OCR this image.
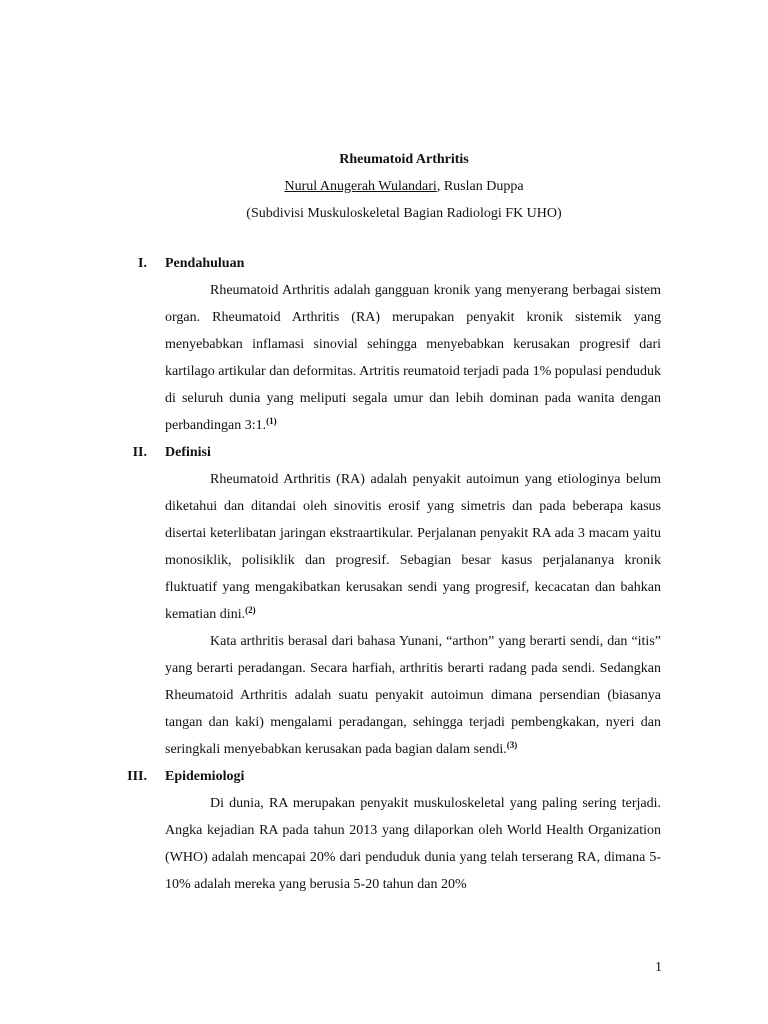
Rheumatoid Arthritis
Nurul Anugerah Wulandari, Ruslan Duppa
(Subdivisi Muskuloskeletal Bagian Radiologi FK UHO)
I. Pendahuluan

Rheumatoid Arthritis adalah gangguan kronik yang menyerang berbagai sistem organ. Rheumatoid Arthritis (RA) merupakan penyakit kronik sistemik yang menyebabkan inflamasi sinovial sehingga menyebabkan kerusakan progresif dari kartilago artikular dan deformitas. Artritis reumatoid terjadi pada 1% populasi penduduk di seluruh dunia yang meliputi segala umur dan lebih dominan pada wanita dengan perbandingan 3:1.$^{(1)}$

II. Definisi

Rheumatoid Arthritis (RA) adalah penyakit autoimun yang etiologinya belum diketahui dan ditandai oleh sinovitis erosif yang simetris dan pada beberapa kasus disertai keterlibatan jaringan ekstraartikular. Perjalanan penyakit RA ada 3 macam yaitu monosiklik, polisiklik dan progresif. Sebagian besar kasus perjalananya kronik fluktuatif yang mengakibatkan kerusakan sendi yang progresif, kecacatan dan bahkan kematian dini.$^{(2)}$

Kata arthritis berasal dari bahasa Yunani, “arthon” yang berarti sendi, dan “itis” yang berarti peradangan. Secara harfiah, arthritis berarti radang pada sendi. Sedangkan Rheumatoid Arthritis adalah suatu penyakit autoimun dimana persendian (biasanya tangan dan kaki) mengalami peradangan, sehingga terjadi pembengkakan, nyeri dan seringkali menyebabkan kerusakan pada bagian dalam sendi.$^{(3)}$

III. Epidemiologi

Di dunia, RA merupakan penyakit muskuloskeletal yang paling sering terjadi. Angka kejadian RA pada tahun 2013 yang dilaporkan oleh World Health Organization (WHO) adalah mencapai 20% dari penduduk dunia yang telah terserang RA, dimana 5-10% adalah mereka yang berusia 5-20 tahun dan 20%

1
